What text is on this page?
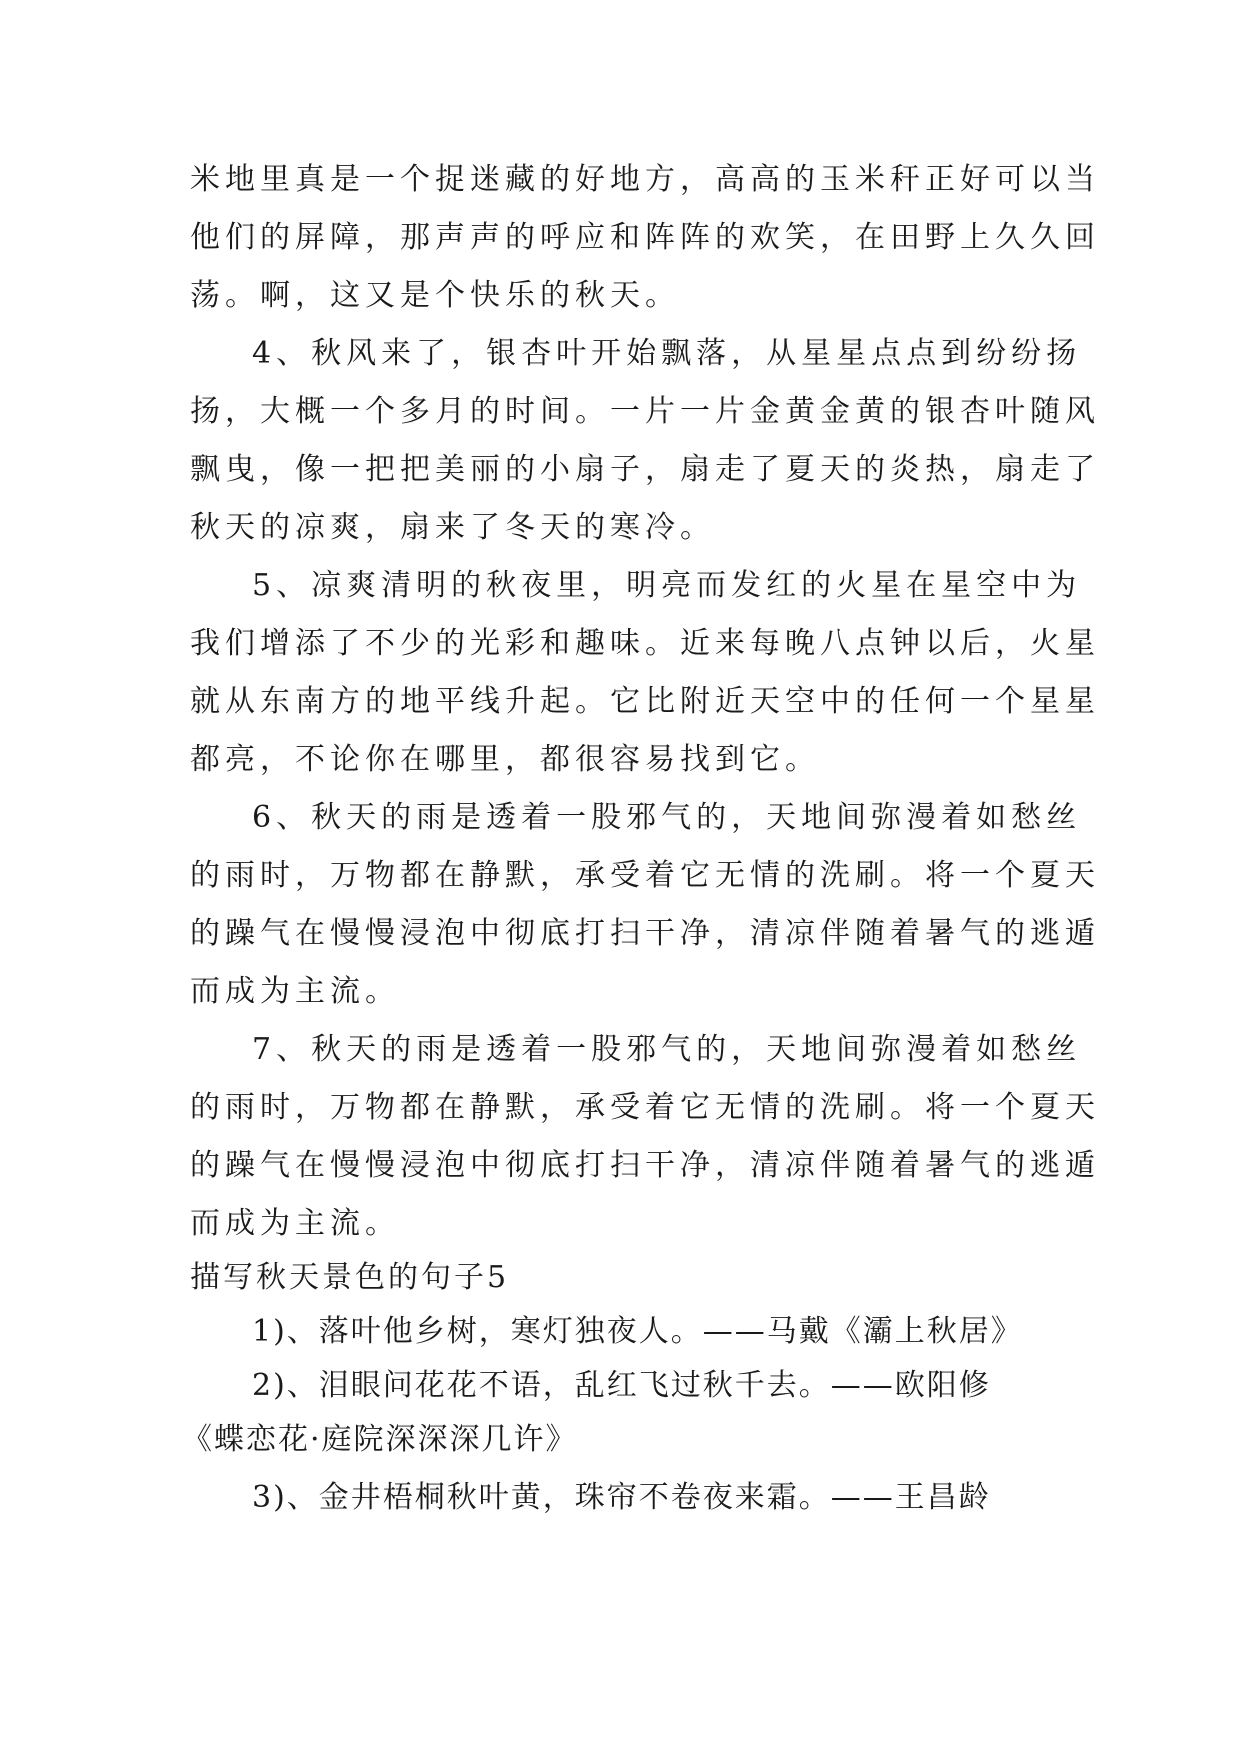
米地里真是一个捉迷藏的好地方，高高的玉米秆正好可以当
他们的屏障，那声声的呼应和阵阵的欢笑，在田野上久久回
荡。啊，这又是个快乐的秋天。
4、秋风来了，银杏叶开始飘落，从星星点点到纷纷扬
扬，大概一个多月的时间。一片一片金黄金黄的银杏叶随风
飘曳，像一把把美丽的小扇子，扇走了夏天的炎热，扇走了
秋天的凉爽，扇来了冬天的寒冷。
5、凉爽清明的秋夜里，明亮而发红的火星在星空中为
我们增添了不少的光彩和趣味。近来每晚八点钟以后，火星
就从东南方的地平线升起。它比附近天空中的任何一个星星
都亮，不论你在哪里，都很容易找到它。
6、秋天的雨是透着一股邪气的，天地间弥漫着如愁丝
的雨时，万物都在静默，承受着它无情的洗刷。将一个夏天
的躁气在慢慢浸泡中彻底打扫干净，清凉伴随着暑气的逃遁
而成为主流。
7、秋天的雨是透着一股邪气的，天地间弥漫着如愁丝
的雨时，万物都在静默，承受着它无情的洗刷。将一个夏天
的躁气在慢慢浸泡中彻底打扫干净，清凉伴随着暑气的逃遁
而成为主流。
描写秋天景色的句子5
1)、落叶他乡树，寒灯独夜人。——马戴《灞上秋居》
2)、泪眼问花花不语，乱红飞过秋千去。——欧阳修
《蝶恋花·庭院深深深几许》
3)、金井梧桐秋叶黄，珠帘不卷夜来霜。——王昌龄
